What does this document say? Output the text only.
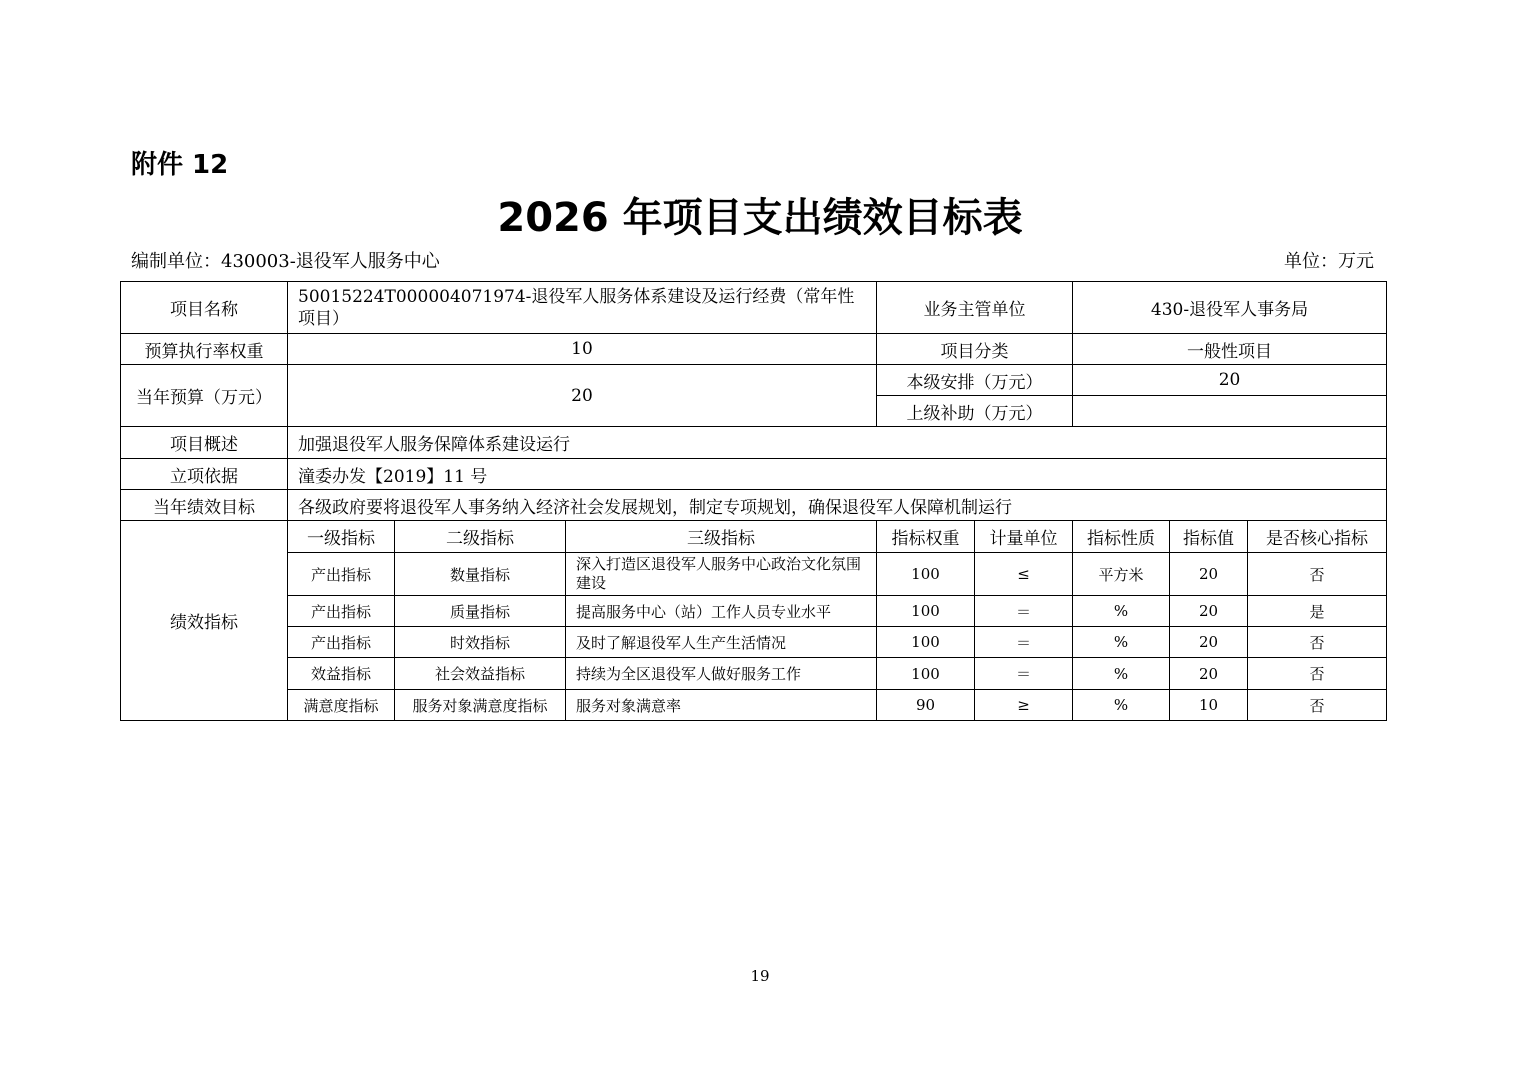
附件 12
2026 年项目支出绩效目标表
编制单位：430003-退役军人服务中心	单位：万元
项目名称	50015224T000004071974-退役军人服务体系建设及运行经费（常年性项目）			业务主管单位		430-退役军人事务局		
预算执行率权重	10			项目分类		一般性项目		
当年预算（万元）	20			本级安排（万元）		20		
				上级补助（万元）				
项目概述	加强退役军人服务保障体系建设运行							
立项依据	潼委办发【2019】11 号							
当年绩效目标	各级政府要将退役军人事务纳入经济社会发展规划，制定专项规划，确保退役军人保障机制运行							
绩效指标	一级指标	二级指标	三级指标	指标权重	计量单位	指标性质	指标值	是否核心指标
	产出指标	数量指标	深入打造区退役军人服务中心政治文化氛围建设	100	≤	平方米	20	否
	产出指标	质量指标	提高服务中心（站）工作人员专业水平	100	＝	%	20	是
	产出指标	时效指标	及时了解退役军人生产生活情况	100	＝	%	20	否
	效益指标	社会效益指标	持续为全区退役军人做好服务工作	100	＝	%	20	否
	满意度指标	服务对象满意度指标	服务对象满意率	90	≥	%	10	否
19
